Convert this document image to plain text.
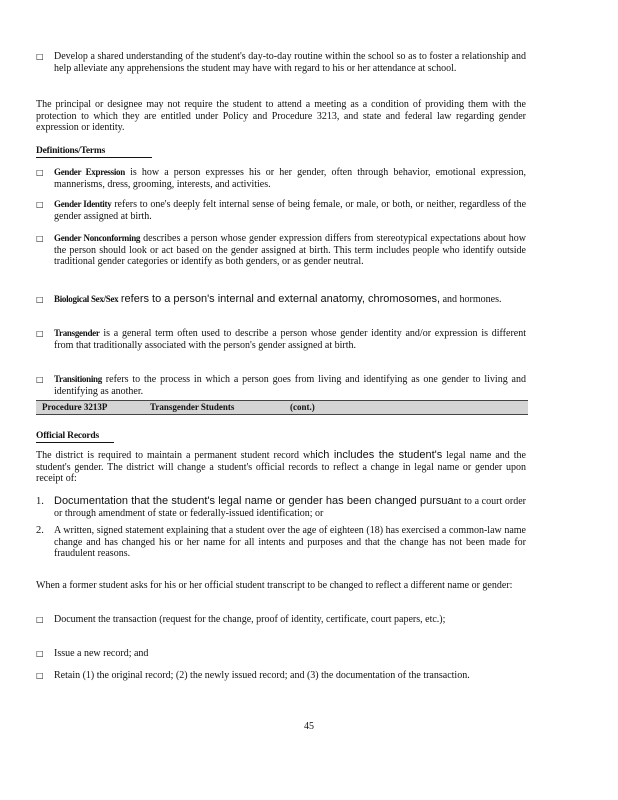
□ Develop a shared understanding of the student's day-to-day routine within the school so as to foster a relationship and help alleviate any apprehensions the student may have with regard to his or her attendance at school.
The principal or designee may not require the student to attend a meeting as a condition of providing them with the protection to which they are entitled under Policy and Procedure 3213, and state and federal law regarding gender expression or identity.
Definitions/Terms
□ Gender Expression is how a person expresses his or her gender, often through behavior, emotional expression, mannerisms, dress, grooming, interests, and activities.
□ Gender Identity refers to one's deeply felt internal sense of being female, or male, or both, or neither, regardless of the gender assigned at birth.
□ Gender Nonconforming describes a person whose gender expression differs from stereotypical expectations about how the person should look or act based on the gender assigned at birth. This term includes people who identify outside traditional gender categories or identify as both genders, or as gender neutral.
□ Biological Sex/Sex refers to a person's internal and external anatomy, chromosomes, and hormones.
□ Transgender is a general term often used to describe a person whose gender identity and/or expression is different from that traditionally associated with the person's gender assigned at birth.
□ Transitioning refers to the process in which a person goes from living and identifying as one gender to living and identifying as another.
Procedure 3213P	Transgender Students	(cont.)
Official Records
The district is required to maintain a permanent student record which includes the student's legal name and the student's gender. The district will change a student's official records to reflect a change in legal name or gender upon receipt of:
1. Documentation that the student's legal name or gender has been changed pursuant to a court order or through amendment of state or federally-issued identification; or
2. A written, signed statement explaining that a student over the age of eighteen (18) has exercised a common-law name change and has changed his or her name for all intents and purposes and that the change has not been made for fraudulent reasons.
When a former student asks for his or her official student transcript to be changed to reflect a different name or gender:
□ Document the transaction (request for the change, proof of identity, certificate, court papers, etc.);
□ Issue a new record; and
□ Retain (1) the original record; (2) the newly issued record; and (3) the documentation of the transaction.
45
